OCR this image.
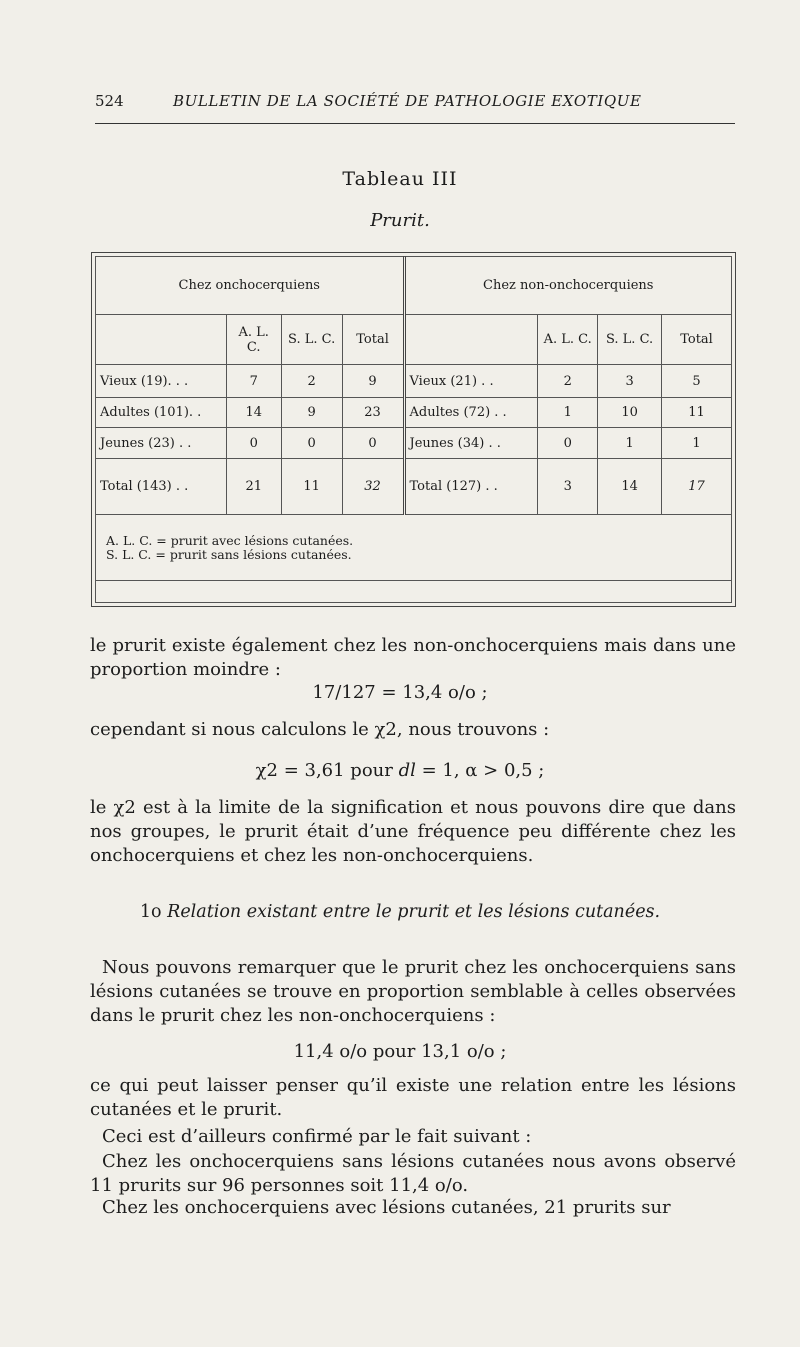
524	BULLETIN DE LA SOCIÉTÉ DE PATHOLOGIE EXOTIQUE
Tableau III
Prurit.
Chez onchocerquiens				Chez non-onchocerquiens			
	A. L. C.	S. L. C.	Total		A. L. C.	S. L. C.	Total
Vieux (19). . .	7	2	9	Vieux (21) . .	2	3	5
Adultes (101). .	14	9	23	Adultes (72) . .	1	10	11
Jeunes (23) . .	0	0	0	Jeunes (34) . .	0	1	1
Total (143) . .	21	11	32	Total (127) . .	3	14	17

A. L. C. = prurit avec lésions cutanées.
S. L. C. = prurit sans lésions cutanées.							
le prurit existe également chez les non-onchocerquiens mais dans une proportion moindre :
17/127 = 13,4 o/o ;
cependant si nous calculons le χ2, nous trouvons :
χ2 = 3,61 pour dl = 1, α > 0,5 ;
le χ2 est à la limite de la signification et nous pouvons dire que dans nos groupes, le prurit était d’une fréquence peu différente chez les onchocerquiens et chez les non-onchocerquiens.
1o Relation existant entre le prurit et les lésions cutanées.
Nous pouvons remarquer que le prurit chez les onchocerquiens sans lésions cutanées se trouve en proportion semblable à celles observées dans le prurit chez les non-onchocerquiens :
11,4 o/o pour 13,1 o/o ;
ce qui peut laisser penser qu’il existe une relation entre les lésions cutanées et le prurit.
Ceci est d’ailleurs confirmé par le fait suivant :
Chez les onchocerquiens sans lésions cutanées nous avons observé 11 prurits sur 96 personnes soit 11,4 o/o.
Chez les onchocerquiens avec lésions cutanées, 21 prurits sur
